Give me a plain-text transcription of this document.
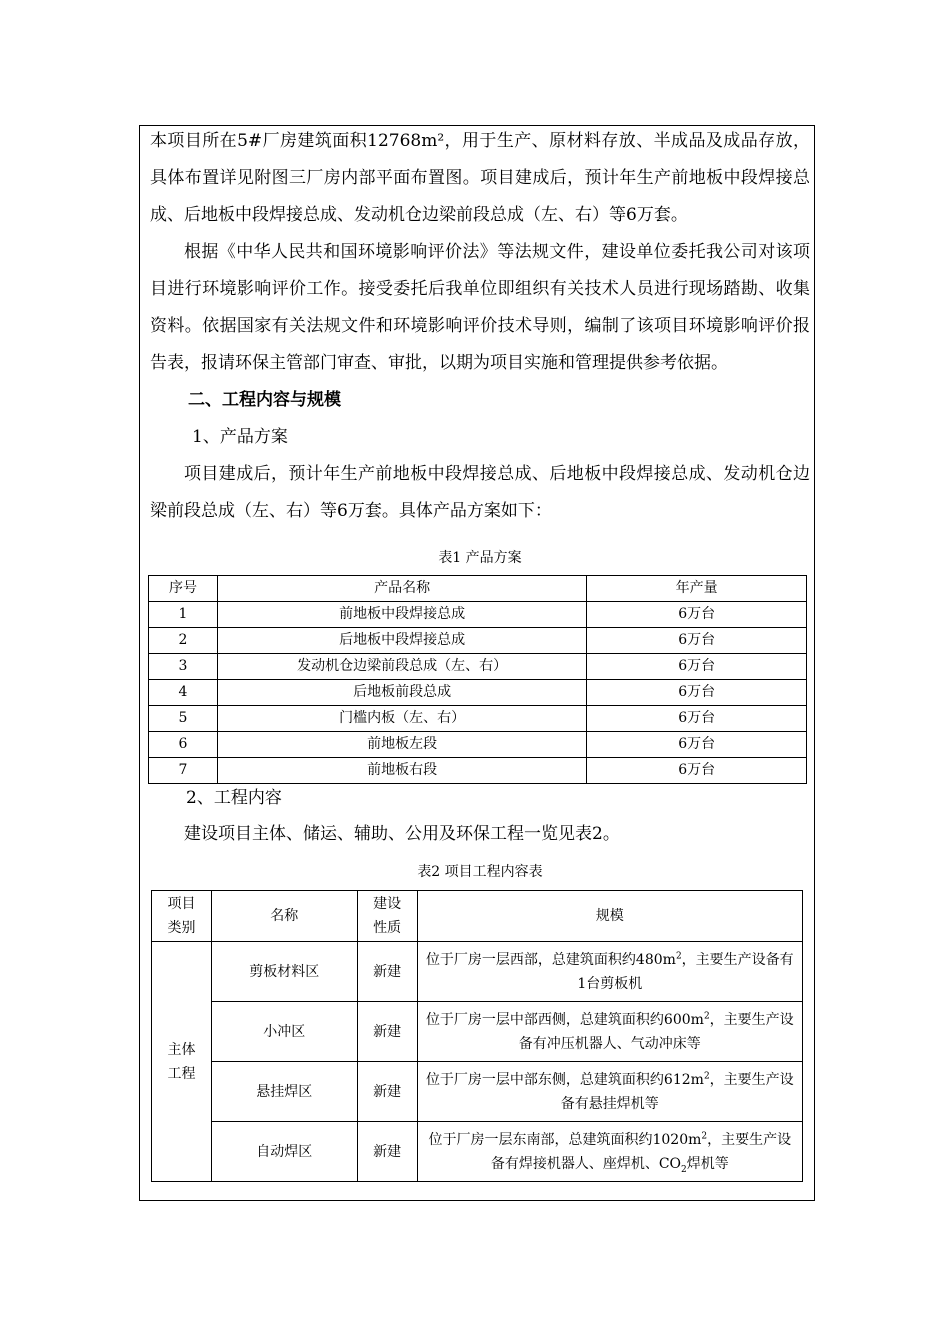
本项目所在5#厂房建筑面积12768m²，用于生产、原材料存放、半成品及成品存放，具体布置详见附图三厂房内部平面布置图。项目建成后，预计年生产前地板中段焊接总成、后地板中段焊接总成、发动机仓边梁前段总成（左、右）等6万套。

根据《中华人民共和国环境影响评价法》等法规文件，建设单位委托我公司对该项目进行环境影响评价工作。接受委托后我单位即组织有关技术人员进行现场踏勘、收集资料。依据国家有关法规文件和环境影响评价技术导则，编制了该项目环境影响评价报告表，报请环保主管部门审查、审批，以期为项目实施和管理提供参考依据。

二、工程内容与规模

1、产品方案

项目建成后，预计年生产前地板中段焊接总成、后地板中段焊接总成、发动机仓边梁前段总成（左、右）等6万套。具体产品方案如下：

表1 产品方案
序号	产品名称	年产量
1	前地板中段焊接总成	6万台
2	后地板中段焊接总成	6万台
3	发动机仓边梁前段总成（左、右）	6万台
4	后地板前段总成	6万台
5	门槛内板（左、右）	6万台
6	前地板左段	6万台
7	前地板右段	6万台

2、工程内容

建设项目主体、储运、辅助、公用及环保工程一览见表2。

表2 项目工程内容表
项目类别	名称	建设性质	规模
主体工程	剪板材料区	新建	位于厂房一层西部，总建筑面积约$480m^2$，主要生产设备有1台剪板机
	小冲区	新建	位于厂房一层中部西侧，总建筑面积约$600m^2$，主要生产设备有冲压机器人、气动冲床等
	悬挂焊区	新建	位于厂房一层中部东侧，总建筑面积约$612m^2$，主要生产设备有悬挂焊机等
	自动焊区	新建	位于厂房一层东南部，总建筑面积约$1020m^2$，主要生产设备有焊接机器人、座焊机、$CO_2$焊机等
